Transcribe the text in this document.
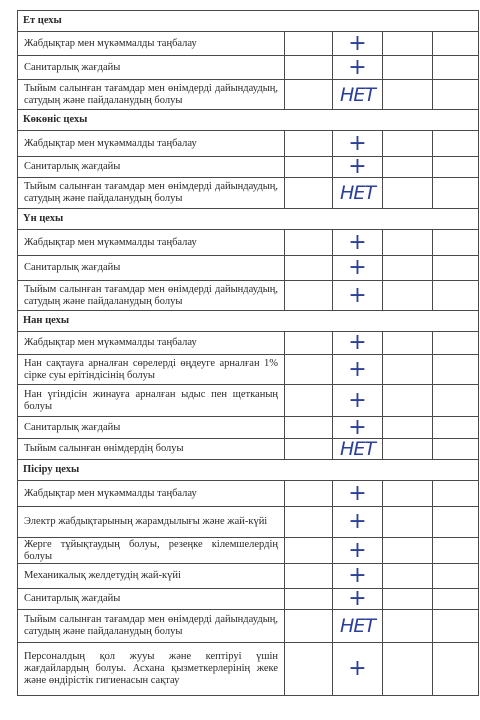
Ет цехы				
Жабдықтар мен мүкәммалды таңбалау		+		

Санитарлық жағдайы		+		

Тыйым салынған тағамдар мен өнімдерді дайындаудың, сатудың және пайдаланудың болуы		НЕТ		

Көкөніс цехы				
Жабдықтар мен мүкәммалды таңбалау		+		

Санитарлық жағдайы		+		

Тыйым салынған тағамдар мен өнімдерді дайындаудың, сатудың және пайдаланудың болуы		НЕТ		

Үн цехы				
Жабдықтар мен мүкәммалды таңбалау		+		

Санитарлық жағдайы		+		

Тыйым салынған тағамдар мен өнімдерді дайындаудың, сатудың және пайдаланудың болуы		+		

Нан цехы				
Жабдықтар мен мүкәммалды таңбалау		+		

Нан сақтауға арналған сөрелерді өңдеуге арналған 1% сірке суы ерітіндісінің болуы		+		

Нан үгіндісін жинауға арналған ыдыс пен щетканың болуы		+		

Санитарлық жағдайы		+		

Тыйым салынған өнімдердің болуы		НЕТ		

Пісіру цехы				
Жабдықтар мен мүкәммалды таңбалау		+		

Электр жабдықтарының жарамдылығы және жай-күйі		+		

Жерге тұйықтаудың болуы, резеңке кілемшелердің болуы		+		

Механикалық желдетудің жай-күйі		+		

Санитарлық жағдайы		+		

Тыйым салынған тағамдар мен өнімдерді дайындаудың, сатудың және пайдаланудың болуы		НЕТ		

Персоналдың қол жууы және кептіруі үшін жағдайлардың болуы. Асхана қызметкерлерінің жеке және өндірістік гигиенасын сақтау		+		
